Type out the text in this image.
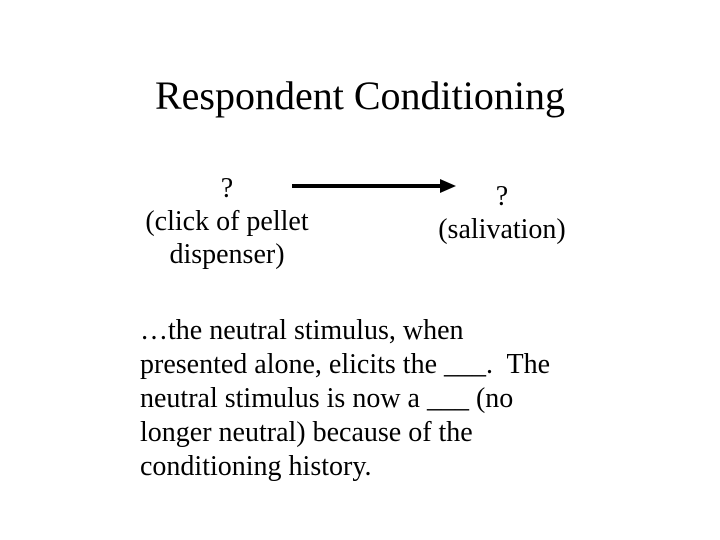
Respondent Conditioning
?
(click of pellet
dispenser)
?
(salivation)
…the neutral stimulus, when
presented alone, elicits the ___.  The
neutral stimulus is now a ___ (no
longer neutral) because of the
conditioning history.
